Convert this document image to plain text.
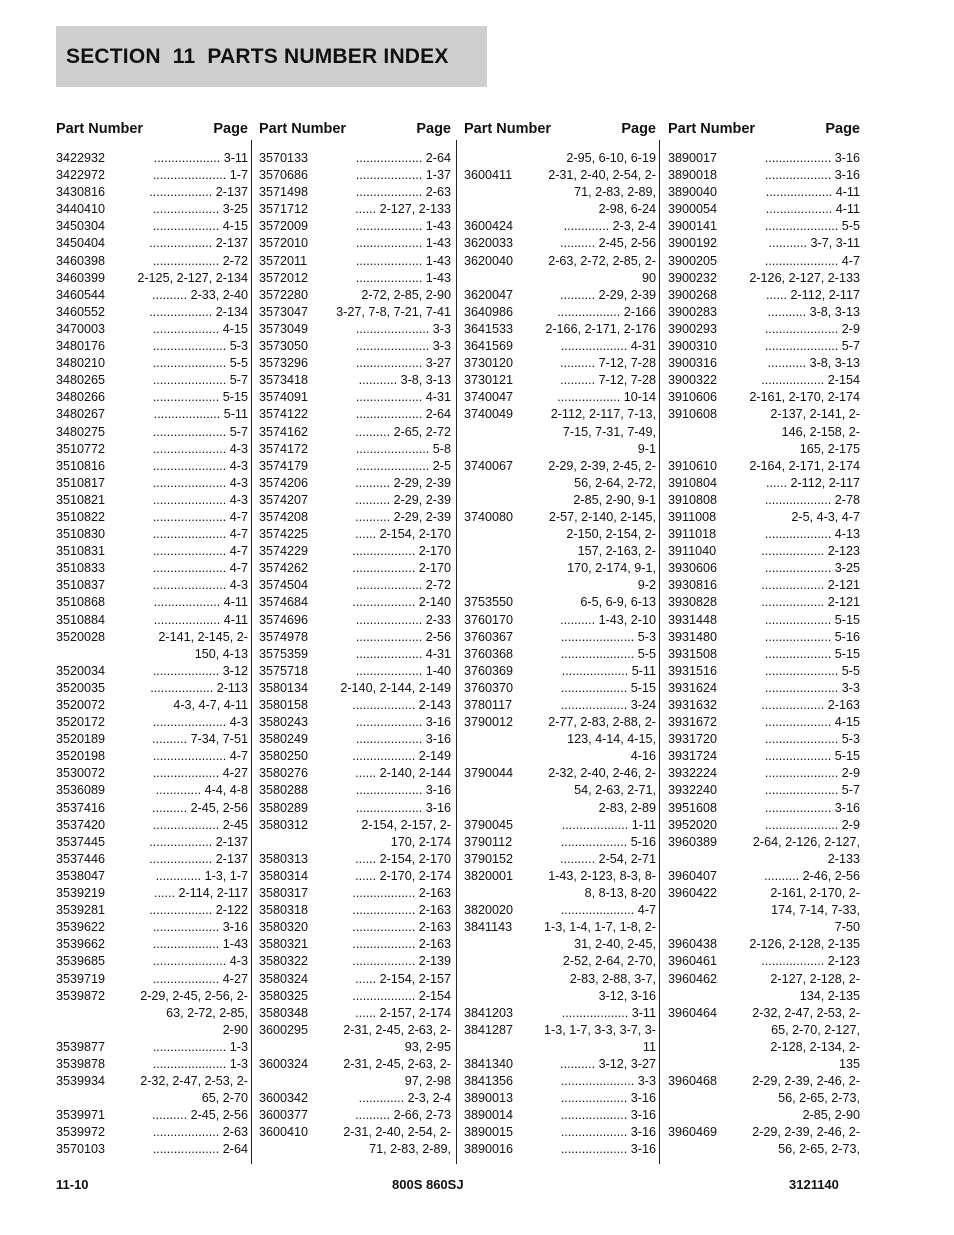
SECTION 11 PARTS NUMBER INDEX
Part Number	Page
3422932	................... 3-11
3422972	..................... 1-7
3430816	.................. 2-137
3440410	................... 3-25
3450304	................... 4-15
3450404	.................. 2-137
3460398	................... 2-72
3460399	2-125, 2-127, 2-134
3460544	.......... 2-33, 2-40
3460552	.................. 2-134
3470003	................... 4-15
3480176	..................... 5-3
3480210	..................... 5-5
3480265	..................... 5-7
3480266	................... 5-15
3480267	................... 5-11
3480275	..................... 5-7
3510772	..................... 4-3
3510816	..................... 4-3
3510817	..................... 4-3
3510821	..................... 4-3
3510822	..................... 4-7
3510830	..................... 4-7
3510831	..................... 4-7
3510833	..................... 4-7
3510837	..................... 4-3
3510868	................... 4-11
3510884	................... 4-11
3520028	2-141, 2-145, 2-
150, 4-13
3520034	................... 3-12
3520035	.................. 2-113
3520072	4-3, 4-7, 4-11
3520172	..................... 4-3
3520189	.......... 7-34, 7-51
3520198	..................... 4-7
3530072	................... 4-27
3536089	............. 4-4, 4-8
3537416	.......... 2-45, 2-56
3537420	................... 2-45
3537445	.................. 2-137
3537446	.................. 2-137
3538047	............. 1-3, 1-7
3539219	...... 2-114, 2-117
3539281	.................. 2-122
3539622	................... 3-16
3539662	................... 1-43
3539685	..................... 4-3
3539719	................... 4-27
3539872	2-29, 2-45, 2-56, 2-
63, 2-72, 2-85,
2-90
3539877	..................... 1-3
3539878	..................... 1-3
3539934	2-32, 2-47, 2-53, 2-
65, 2-70
3539971	.......... 2-45, 2-56
3539972	................... 2-63
3570103	................... 2-64
Part Number	Page
3570133	................... 2-64
3570686	................... 1-37
3571498	................... 2-63
3571712	...... 2-127, 2-133
3572009	................... 1-43
3572010	................... 1-43
3572011	................... 1-43
3572012	................... 1-43
3572280	2-72, 2-85, 2-90
3573047	3-27, 7-8, 7-21, 7-41
3573049	..................... 3-3
3573050	..................... 3-3
3573296	................... 3-27
3573418	........... 3-8, 3-13
3574091	................... 4-31
3574122	................... 2-64
3574162	.......... 2-65, 2-72
3574172	..................... 5-8
3574179	..................... 2-5
3574206	.......... 2-29, 2-39
3574207	.......... 2-29, 2-39
3574208	.......... 2-29, 2-39
3574225	...... 2-154, 2-170
3574229	.................. 2-170
3574262	.................. 2-170
3574504	................... 2-72
3574684	.................. 2-140
3574696	................... 2-33
3574978	................... 2-56
3575359	................... 4-31
3575718	................... 1-40
3580134	2-140, 2-144, 2-149
3580158	.................. 2-143
3580243	................... 3-16
3580249	................... 3-16
3580250	.................. 2-149
3580276	...... 2-140, 2-144
3580288	................... 3-16
3580289	................... 3-16
3580312	2-154, 2-157, 2-
170, 2-174
3580313	...... 2-154, 2-170
3580314	...... 2-170, 2-174
3580317	.................. 2-163
3580318	.................. 2-163
3580320	.................. 2-163
3580321	.................. 2-163
3580322	.................. 2-139
3580324	...... 2-154, 2-157
3580325	.................. 2-154
3580348	...... 2-157, 2-174
3600295	2-31, 2-45, 2-63, 2-
93, 2-95
3600324	2-31, 2-45, 2-63, 2-
97, 2-98
3600342	............. 2-3, 2-4
3600377	.......... 2-66, 2-73
3600410	2-31, 2-40, 2-54, 2-
71, 2-83, 2-89,
Part Number	Page
2-95, 6-10, 6-19
3600411	2-31, 2-40, 2-54, 2-
71, 2-83, 2-89,
2-98, 6-24
3600424	............. 2-3, 2-4
3620033	.......... 2-45, 2-56
3620040	2-63, 2-72, 2-85, 2-
90
3620047	.......... 2-29, 2-39
3640986	.................. 2-166
3641533	2-166, 2-171, 2-176
3641569	................... 4-31
3730120	.......... 7-12, 7-28
3730121	.......... 7-12, 7-28
3740047	.................. 10-14
3740049	2-112, 2-117, 7-13,
7-15, 7-31, 7-49,
9-1
3740067	2-29, 2-39, 2-45, 2-
56, 2-64, 2-72,
2-85, 2-90, 9-1
3740080	2-57, 2-140, 2-145,
2-150, 2-154, 2-
157, 2-163, 2-
170, 2-174, 9-1,
9-2
3753550	6-5, 6-9, 6-13
3760170	.......... 1-43, 2-10
3760367	..................... 5-3
3760368	..................... 5-5
3760369	................... 5-11
3760370	................... 5-15
3780117	................... 3-24
3790012	2-77, 2-83, 2-88, 2-
123, 4-14, 4-15,
4-16
3790044	2-32, 2-40, 2-46, 2-
54, 2-63, 2-71,
2-83, 2-89
3790045	................... 1-11
3790112	................... 5-16
3790152	.......... 2-54, 2-71
3820001	1-43, 2-123, 8-3, 8-
8, 8-13, 8-20
3820020	..................... 4-7
3841143	1-3, 1-4, 1-7, 1-8, 2-
31, 2-40, 2-45,
2-52, 2-64, 2-70,
2-83, 2-88, 3-7,
3-12, 3-16
3841203	................... 3-11
3841287	1-3, 1-7, 3-3, 3-7, 3-
11
3841340	.......... 3-12, 3-27
3841356	..................... 3-3
3890013	................... 3-16
3890014	................... 3-16
3890015	................... 3-16
3890016	................... 3-16
Part Number	Page
3890017	................... 3-16
3890018	................... 3-16
3890040	................... 4-11
3900054	................... 4-11
3900141	..................... 5-5
3900192	........... 3-7, 3-11
3900205	..................... 4-7
3900232	2-126, 2-127, 2-133
3900268	...... 2-112, 2-117
3900283	........... 3-8, 3-13
3900293	..................... 2-9
3900310	..................... 5-7
3900316	........... 3-8, 3-13
3900322	.................. 2-154
3910606	2-161, 2-170, 2-174
3910608	2-137, 2-141, 2-
146, 2-158, 2-
165, 2-175
3910610	2-164, 2-171, 2-174
3910804	...... 2-112, 2-117
3910808	................... 2-78
3911008	2-5, 4-3, 4-7
3911018	................... 4-13
3911040	.................. 2-123
3930606	................... 3-25
3930816	.................. 2-121
3930828	.................. 2-121
3931448	................... 5-15
3931480	................... 5-16
3931508	................... 5-15
3931516	..................... 5-5
3931624	..................... 3-3
3931632	.................. 2-163
3931672	................... 4-15
3931720	..................... 5-3
3931724	................... 5-15
3932224	..................... 2-9
3932240	..................... 5-7
3951608	................... 3-16
3952020	..................... 2-9
3960389	2-64, 2-126, 2-127,
2-133
3960407	.......... 2-46, 2-56
3960422	2-161, 2-170, 2-
174, 7-14, 7-33,
7-50
3960438	2-126, 2-128, 2-135
3960461	.................. 2-123
3960462	2-127, 2-128, 2-
134, 2-135
3960464	2-32, 2-47, 2-53, 2-
65, 2-70, 2-127,
2-128, 2-134, 2-
135
3960468	2-29, 2-39, 2-46, 2-
56, 2-65, 2-73,
2-85, 2-90
3960469	2-29, 2-39, 2-46, 2-
56, 2-65, 2-73,
11-10	800S 860SJ	3121140
